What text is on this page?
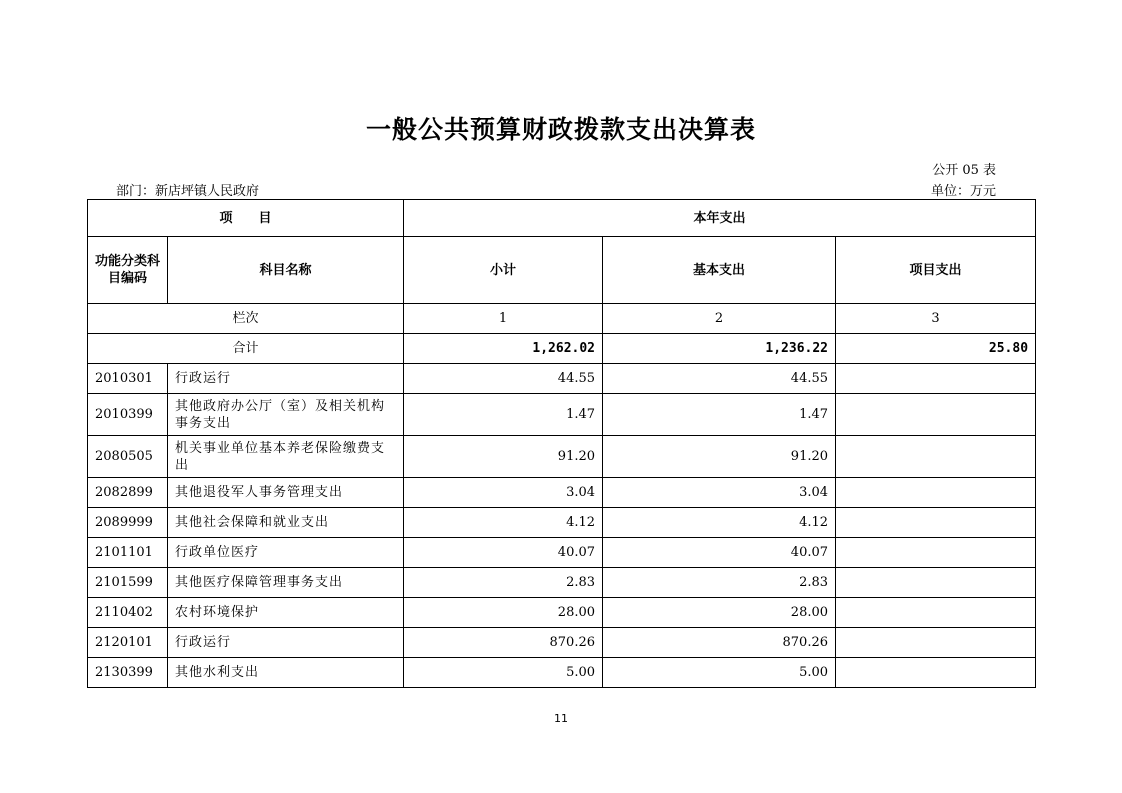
一般公共预算财政拨款支出决算表
公开 05 表
部门：新店坪镇人民政府	单位：万元
项　　目		本年支出		
功能分类科目编码	科目名称	小计	基本支出	项目支出
栏次		1	2	3
合计		1,262.02	1,236.22	25.80
2010301	行政运行	44.55	44.55	
2010399	其他政府办公厅（室）及相关机构事务支出	1.47	1.47	
2080505	机关事业单位基本养老保险缴费支出	91.20	91.20	
2082899	其他退役军人事务管理支出	3.04	3.04	
2089999	其他社会保障和就业支出	4.12	4.12	
2101101	行政单位医疗	40.07	40.07	
2101599	其他医疗保障管理事务支出	2.83	2.83	
2110402	农村环境保护	28.00	28.00	
2120101	行政运行	870.26	870.26	
2130399	其他水利支出	5.00	5.00	
11
